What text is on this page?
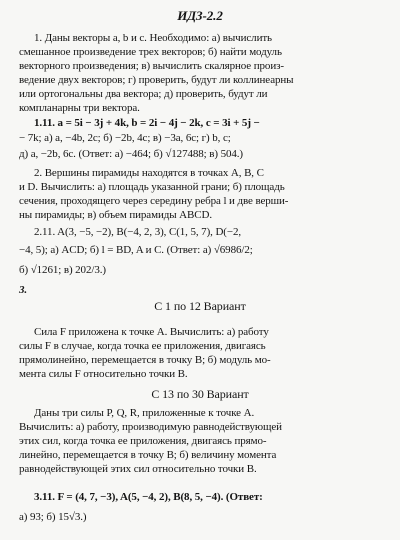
ИДЗ-2.2
1. Даны векторы a, b и c. Необходимо: а) вычислить
смешанное произведение трех векторов; б) найти модуль
векторного произведения; в) вычислить скалярное произ-
ведение двух векторов; г) проверить, будут ли коллинеарны
или ортогональны два вектора; д) проверить, будут ли
компланарны три вектора.
1.11. a = 5i − 3j + 4k, b = 2i − 4j − 2k, c = 3i + 5j −
− 7k; а) a, −4b, 2c; б) −2b, 4c; в) −3a, 6c; г) b, c;
д) a, −2b, 6c. (Ответ: а) −464; б) √127488; в) 504.)
2. Вершины пирамиды находятся в точках A, B, C
и D. Вычислить: а) площадь указанной грани; б) площадь
сечения, проходящего через середину ребра l и две верши-
ны пирамиды; в) объем пирамиды ABCD.
2.11. A(3, −5, −2), B(−4, 2, 3), C(1, 5, 7), D(−2,
−4, 5); а) ACD; б) l = BD, A и C. (Ответ: а) √6986/2;
б) √1261; в) 202/3.)
3.
С 1 по 12 Вариант
Сила F приложена к точке A. Вычислить: а) работу
силы F в случае, когда точка ее приложения, двигаясь
прямолинейно, перемещается в точку B; б) модуль мо-
мента силы F относительно точки B.
С 13 по 30 Вариант
Даны три силы P, Q, R, приложенные к точке A.
Вычислить: а) работу, производимую равнодействующей
этих сил, когда точка ее приложения, двигаясь прямо-
линейно, перемещается в точку B; б) величину момента
равнодействующей этих сил относительно точки B.
3.11. F = (4, 7, −3), A(5, −4, 2), B(8, 5, −4). (Ответ:
а) 93; б) 15√3.)
